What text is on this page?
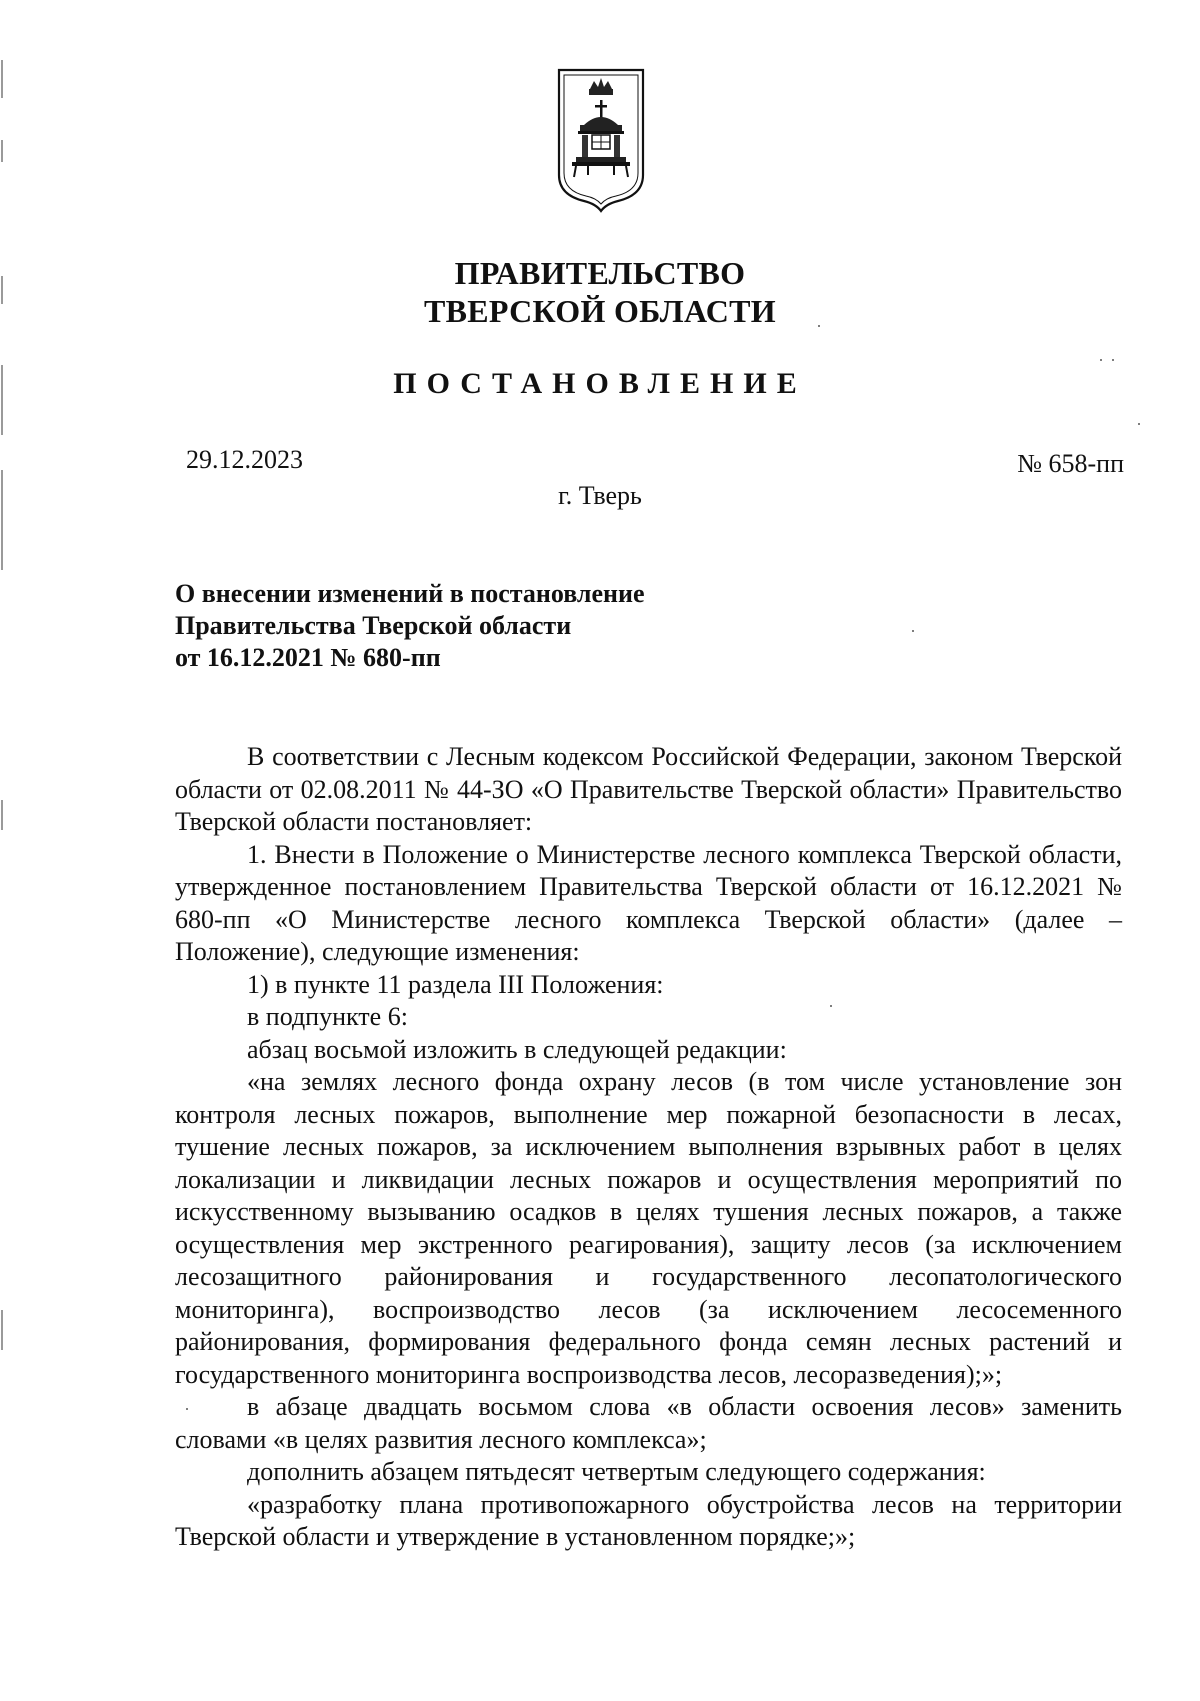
ПРАВИТЕЛЬСТВО
ТВЕРСКОЙ ОБЛАСТИ
ПОСТАНОВЛЕНИЕ
29.12.2023	№ 658-пп
г. Тверь
О внесении изменений в постановление
Правительства Тверской области
от 16.12.2021 № 680-пп

В соответствии с Лесным кодексом Российской Федерации, законом Тверской области от 02.08.2011 № 44-ЗО «О Правительстве Тверской области» Правительство Тверской области постановляет:

1. Внести в Положение о Министерстве лесного комплекса Тверской области, утвержденное постановлением Правительства Тверской области от 16.12.2021 № 680-пп «О Министерстве лесного комплекса Тверской области» (далее – Положение), следующие изменения:

1) в пункте 11 раздела III Положения:

в подпункте 6:

абзац восьмой изложить в следующей редакции:

«на землях лесного фонда охрану лесов (в том числе установление зон контроля лесных пожаров, выполнение мер пожарной безопасности в лесах, тушение лесных пожаров, за исключением выполнения взрывных работ в целях локализации и ликвидации лесных пожаров и осуществления мероприятий по искусственному вызыванию осадков в целях тушения лесных пожаров, а также осуществления мер экстренного реагирования), защиту лесов (за исключением лесозащитного районирования и государственного лесопатологического мониторинга), воспроизводство лесов (за исключением лесосеменного районирования, формирования федерального фонда семян лесных растений и государственного мониторинга воспроизводства лесов, лесоразведения);»;

в абзаце двадцать восьмом слова «в области освоения лесов» заменить словами «в целях развития лесного комплекса»;

дополнить абзацем пятьдесят четвертым следующего содержания:

«разработку плана противопожарного обустройства лесов на территории Тверской области и утверждение в установленном порядке;»;
